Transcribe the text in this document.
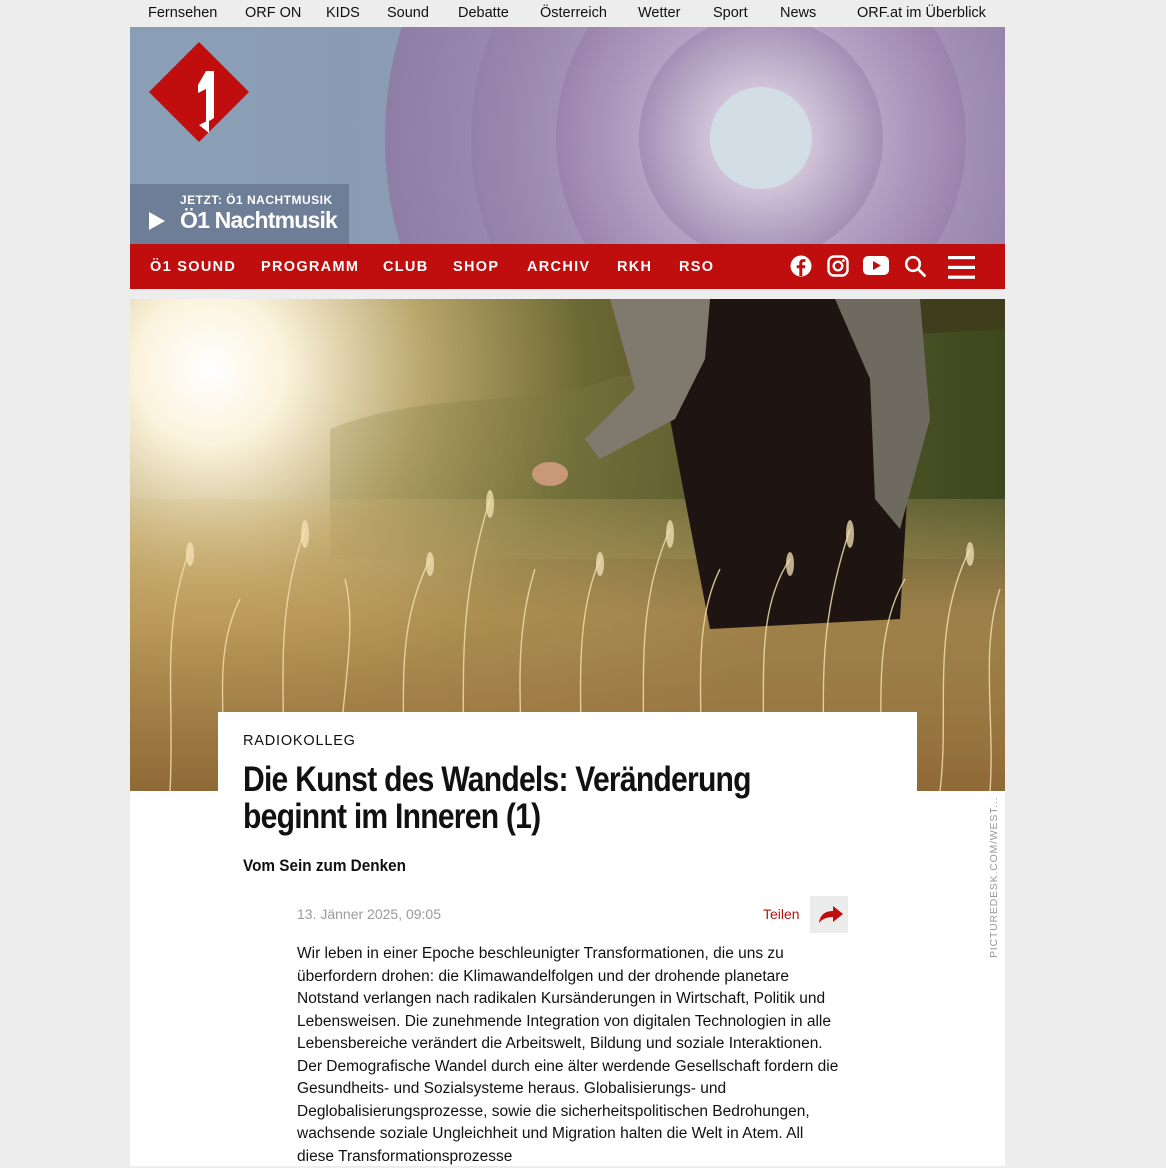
Fernsehen ORF ON KIDS Sound Debatte Österreich Wetter Sport News	ORF.at im Überblick
JETZT: Ö1 NACHTMUSIK
Ö1 Nachtmusik
Ö1 SOUND PROGRAMM CLUB SHOP ARCHIV RKH RSO
PICTUREDESK.COM/WEST...
RADIOKOLLEG
Die Kunst des Wandels: Veränderung
beginnt im Inneren (1)
Vom Sein zum Denken
13. Jänner 2025, 09:05	Teilen

Wir leben in einer Epoche beschleunigter Transformationen, die uns zu überfordern drohen: die Klimawandelfolgen und der drohende planetare Notstand verlangen nach radikalen Kursänderungen in Wirtschaft, Politik und Lebensweisen. Die zunehmende Integration von digitalen Technologien in alle Lebensbereiche verändert die Arbeitswelt, Bildung und soziale Interaktionen. Der Demografische Wandel durch eine älter werdende Gesellschaft fordern die Gesundheits- und Sozialsysteme heraus. Globalisierungs- und Deglobalisierungsprozesse, sowie die sicherheitspolitischen Bedrohungen, wachsende soziale Ungleichheit und Migration halten die Welt in Atem. All diese Transformationsprozesse
